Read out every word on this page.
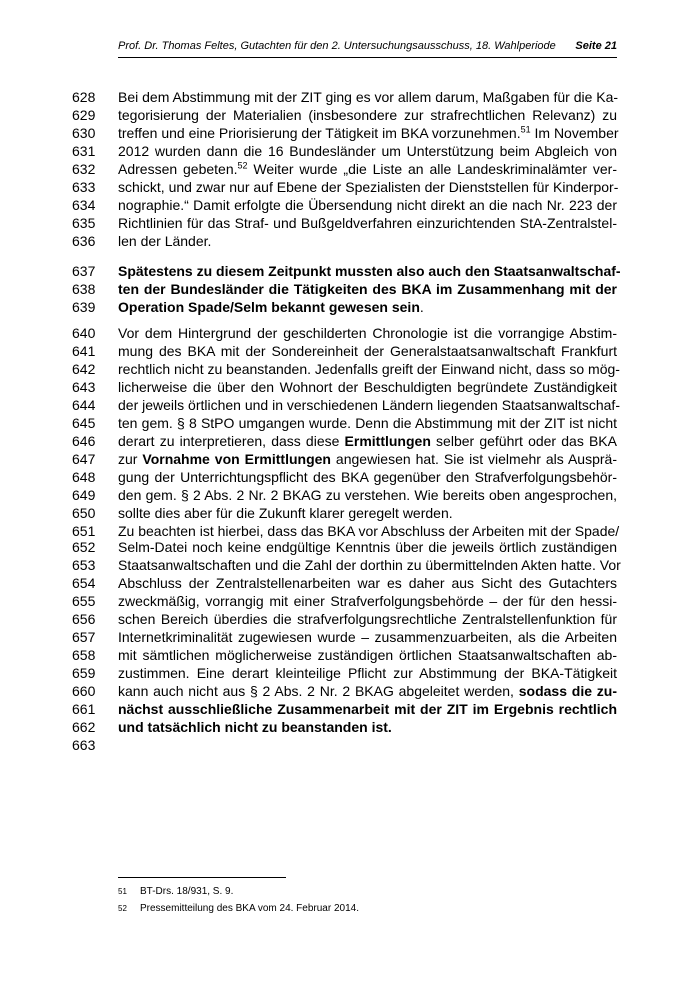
Prof. Dr. Thomas Feltes, Gutachten für den 2. Untersuchungsausschuss, 18. Wahlperiode Seite 21
628	Bei dem Abstimmung mit der ZIT ging es vor allem darum, Maßgaben für die Ka-
629	tegorisierung der Materialien (insbesondere zur strafrechtlichen Relevanz) zu
630	treffen und eine Priorisierung der Tätigkeit im BKA vorzunehmen.$^{51}$ Im November
631	2012 wurden dann die 16 Bundesländer um Unterstützung beim Abgleich von
632	Adressen gebeten.$^{52}$ Weiter wurde „die Liste an alle Landeskriminalämter ver-
633	schickt, und zwar nur auf Ebene der Spezialisten der Dienststellen für Kinderpor-
634	nographie.“ Damit erfolgte die Übersendung nicht direkt an die nach Nr. 223 der
635	Richtlinien für das Straf- und Bußgeldverfahren einzurichtenden StA-Zentralstel-
636	len der Länder.
637	Spätestens zu diesem Zeitpunkt mussten also auch den Staatsanwaltschaf-
638	ten der Bundesländer die Tätigkeiten des BKA im Zusammenhang mit der
639	Operation Spade/Selm bekannt gewesen sein.
640	Vor dem Hintergrund der geschilderten Chronologie ist die vorrangige Abstim-
641	mung des BKA mit der Sondereinheit der Generalstaatsanwaltschaft Frankfurt
642	rechtlich nicht zu beanstanden. Jedenfalls greift der Einwand nicht, dass so mög-
643	licherweise die über den Wohnort der Beschuldigten begründete Zuständigkeit
644	der jeweils örtlichen und in verschiedenen Ländern liegenden Staatsanwaltschaf-
645	ten gem. § 8 StPO umgangen wurde. Denn die Abstimmung mit der ZIT ist nicht
646	derart zu interpretieren, dass diese Ermittlungen selber geführt oder das BKA
647	zur Vornahme von Ermittlungen angewiesen hat. Sie ist vielmehr als Ausprä-
648	gung der Unterrichtungspflicht des BKA gegenüber den Strafverfolgungsbehör-
649	den gem. § 2 Abs. 2 Nr. 2 BKAG zu verstehen. Wie bereits oben angesprochen,
650	sollte dies aber für die Zukunft klarer geregelt werden.
651	Zu beachten ist hierbei, dass das BKA vor Abschluss der Arbeiten mit der Spade/
652	Selm-Datei noch keine endgültige Kenntnis über die jeweils örtlich zuständigen
653	Staatsanwaltschaften und die Zahl der dorthin zu übermittelnden Akten hatte. Vor
654	Abschluss der Zentralstellenarbeiten war es daher aus Sicht des Gutachters
655	zweckmäßig, vorrangig mit einer Strafverfolgungsbehörde – der für den hessi-
656	schen Bereich überdies die strafverfolgungsrechtliche Zentralstellenfunktion für
657	Internetkriminalität zugewiesen wurde – zusammenzuarbeiten, als die Arbeiten
658	mit sämtlichen möglicherweise zuständigen örtlichen Staatsanwaltschaften ab-
659	zustimmen. Eine derart kleinteilige Pflicht zur Abstimmung der BKA-Tätigkeit
660	kann auch nicht aus § 2 Abs. 2 Nr. 2 BKAG abgeleitet werden, sodass die zu-
661	nächst ausschließliche Zusammenarbeit mit der ZIT im Ergebnis rechtlich
662	und tatsächlich nicht zu beanstanden ist.
663
51 BT-Drs. 18/931, S. 9.
52 Pressemitteilung des BKA vom 24. Februar 2014.
